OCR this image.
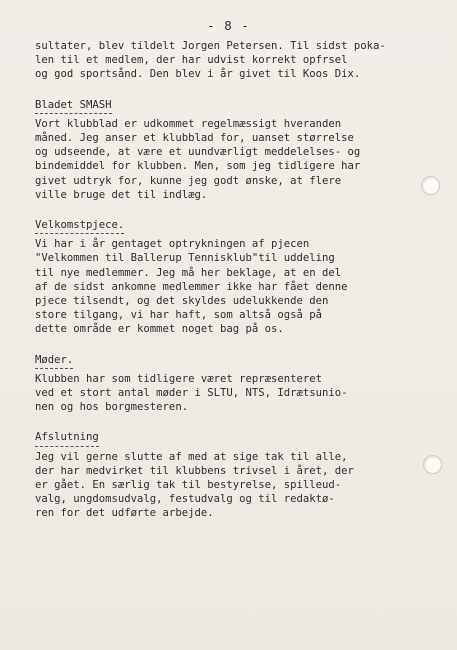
- 8 -

sultater, blev tildelt Jorgen Petersen. Til sidst poka-

len til et medlem, der har udvist korrekt opfrsel

og god sportsånd. Den blev i år givet til Koos Dix.

Bladet SMASH

Vort klubblad er udkommet regelmæssigt hveranden

måned. Jeg anser et klubblad for, uanset størrelse

og udseende, at være et uundværligt meddelelses- og

bindemiddel for klubben. Men, som jeg tidligere har

givet udtryk for, kunne jeg godt ønske, at flere

ville bruge det til indlæg.

Velkomstpjece.

Vi har i år gentaget optrykningen af pjecen

"Velkommen til Ballerup Tennisklub"til uddeling

til nye medlemmer. Jeg må her beklage, at en del

af de sidst ankomne medlemmer ikke har fået denne

pjece tilsendt, og det skyldes udelukkende den

store tilgang, vi har haft, som altså også på

dette område er kommet noget bag på os.

Møder.

Klubben har som tidligere været repræsenteret

ved et stort antal møder i SLTU, NTS, Idrætsunio-

nen og hos borgmesteren.

Afslutning

Jeg vil gerne slutte af med at sige tak til alle,

der har medvirket til klubbens trivsel i året, der

er gået. En særlig tak til bestyrelse, spilleud-

valg, ungdomsudvalg, festudvalg og til redaktø-

ren for det udførte arbejde.
